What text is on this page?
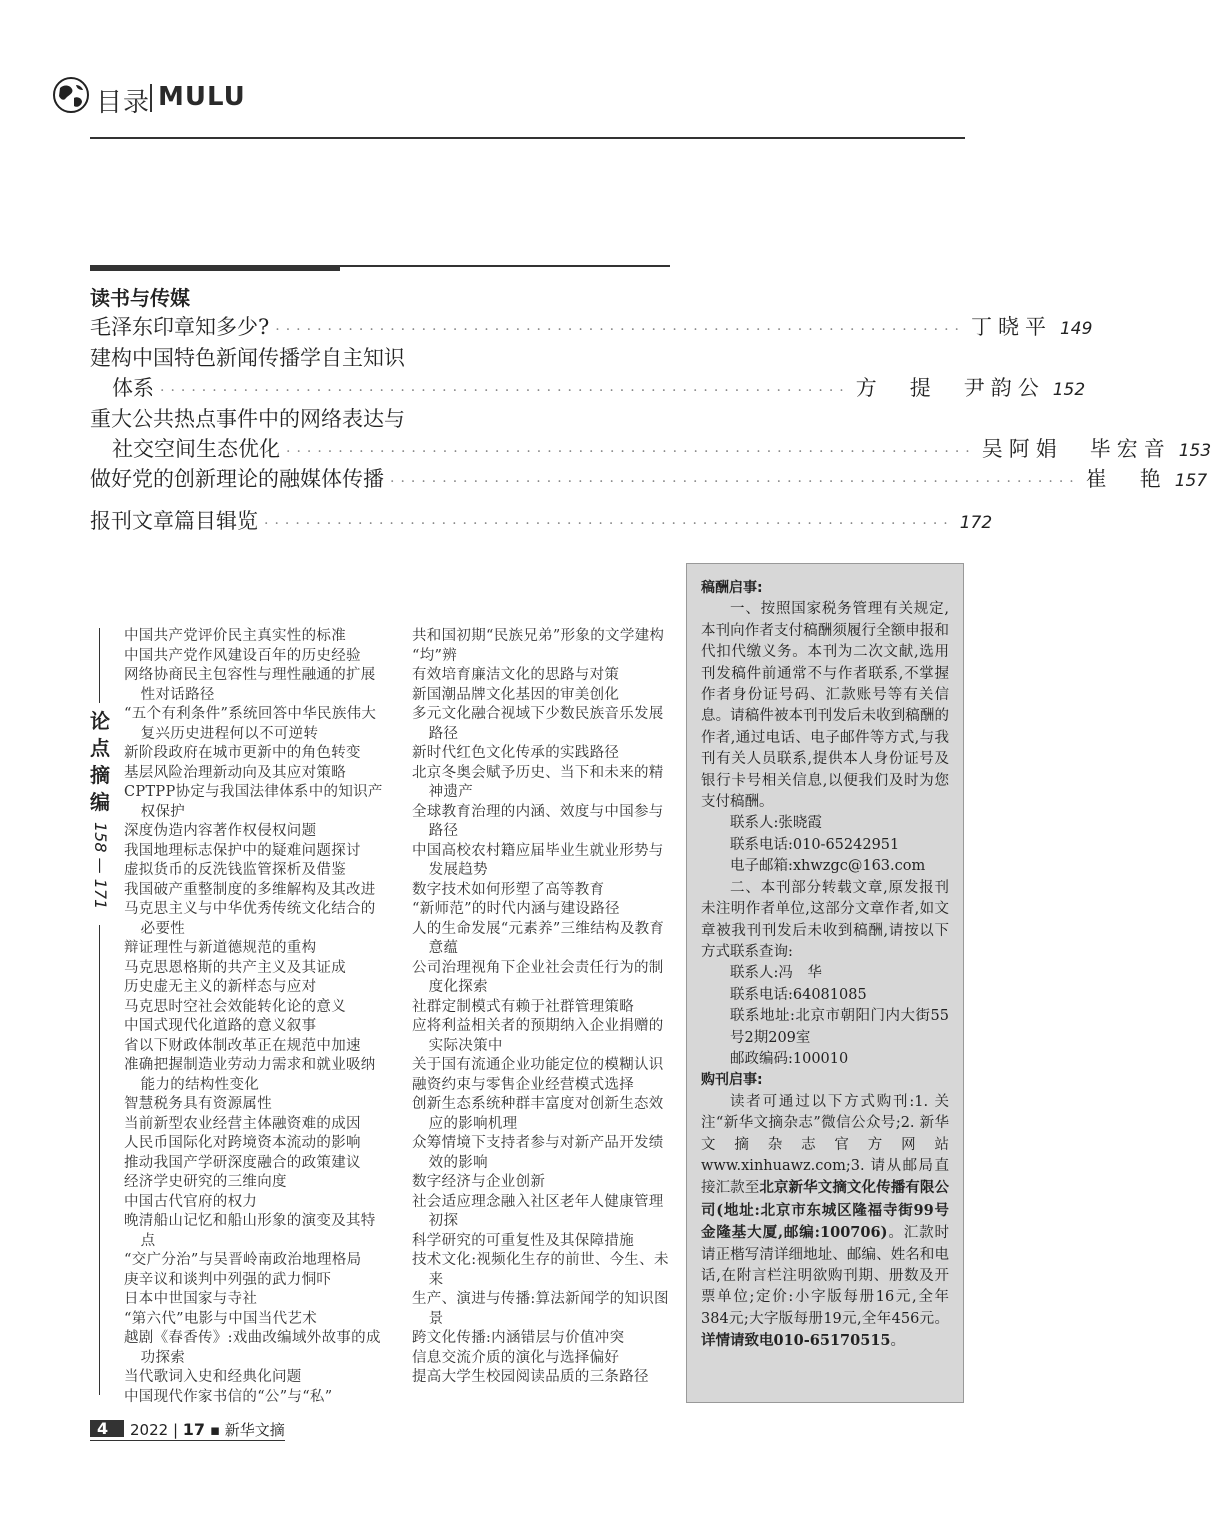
目录 MULU
读书与传媒
毛泽东印章知多少? ·································································· 丁晓平 149
建构中国特色新闻传播学自主知识
体系 ·································································· 方　提　尹韵公 152
重大公共热点事件中的网络表达与
社交空间生态优化 ·································································· 吴阿娟　毕宏音 153
做好党的创新理论的融媒体传播 ·································································· 崔　艳 157
报刊文章篇目辑览 ·································································· 172
论点摘编
158 — 171

中国共产党评价民主真实性的标准

中国共产党作风建设百年的历史经验

网络协商民主包容性与理性融通的扩展性对话路径

“五个有利条件”系统回答中华民族伟大复兴历史进程何以不可逆转

新阶段政府在城市更新中的角色转变

基层风险治理新动向及其应对策略

CPTPP协定与我国法律体系中的知识产权保护

深度伪造内容著作权侵权问题

我国地理标志保护中的疑难问题探讨

虚拟货币的反洗钱监管探析及借鉴

我国破产重整制度的多维解构及其改进

马克思主义与中华优秀传统文化结合的必要性

辩证理性与新道德规范的重构

马克思恩格斯的共产主义及其证成

历史虚无主义的新样态与应对

马克思时空社会效能转化论的意义

中国式现代化道路的意义叙事

省以下财政体制改革正在规范中加速

准确把握制造业劳动力需求和就业吸纳能力的结构性变化

智慧税务具有资源属性

当前新型农业经营主体融资难的成因

人民币国际化对跨境资本流动的影响

推动我国产学研深度融合的政策建议

经济学史研究的三维向度

中国古代官府的权力

晚清船山记忆和船山形象的演变及其特点

“交广分治”与吴晋岭南政治地理格局

庚辛议和谈判中列强的武力恫吓

日本中世国家与寺社

“第六代”电影与中国当代艺术

越剧《春香传》:戏曲改编域外故事的成功探索

当代歌词入史和经典化问题

中国现代作家书信的“公”与“私”

共和国初期“民族兄弟”形象的文学建构

“均”辨

有效培育廉洁文化的思路与对策

新国潮品牌文化基因的审美创化

多元文化融合视域下少数民族音乐发展路径

新时代红色文化传承的实践路径

北京冬奥会赋予历史、当下和未来的精神遗产

全球教育治理的内涵、效度与中国参与路径

中国高校农村籍应届毕业生就业形势与发展趋势

数字技术如何形塑了高等教育

“新师范”的时代内涵与建设路径

人的生命发展“元素养”三维结构及教育意蕴

公司治理视角下企业社会责任行为的制度化探索

社群定制模式有赖于社群管理策略

应将利益相关者的预期纳入企业捐赠的实际决策中

关于国有流通企业功能定位的模糊认识

融资约束与零售企业经营模式选择

创新生态系统种群丰富度对创新生态效应的影响机理

众筹情境下支持者参与对新产品开发绩效的影响

数字经济与企业创新

社会适应理念融入社区老年人健康管理初探

科学研究的可重复性及其保障措施

技术文化:视频化生存的前世、今生、未来

生产、演进与传播:算法新闻学的知识图景

跨文化传播:内涵错层与价值冲突

信息交流介质的演化与选择偏好

提高大学生校园阅读品质的三条路径

稿酬启事:

一、按照国家税务管理有关规定,本刊向作者支付稿酬须履行全额申报和代扣代缴义务。本刊为二次文献,选用刊发稿件前通常不与作者联系,不掌握作者身份证号码、汇款账号等有关信息。请稿件被本刊刊发后未收到稿酬的作者,通过电话、电子邮件等方式,与我刊有关人员联系,提供本人身份证号及银行卡号相关信息,以便我们及时为您支付稿酬。

联系人:张晓霞

联系电话:010-65242951

电子邮箱:xhwzgc@163.com

二、本刊部分转载文章,原发报刊未注明作者单位,这部分文章作者,如文章被我刊刊发后未收到稿酬,请按以下方式联系查询:

联系人:冯　华

联系电话:64081085

联系地址:北京市朝阳门内大街55号2期209室

邮政编码:100010

购刊启事:

读者可通过以下方式购刊:1. 关注“新华文摘杂志”微信公众号;2. 新华文摘杂志官方网站 www.xinhuawz.com;3. 请从邮局直接汇款至北京新华文摘文化传播有限公司(地址:北京市东城区隆福寺街99号金隆基大厦,邮编:100706)。汇款时请正楷写清详细地址、邮编、姓名和电话,在附言栏注明欲购刊期、册数及开票单位;定价:小字版每册16元,全年384元;大字版每册19元,全年456元。详情请致电010-65170515。

4 2022 | 17 ▪ 新华文摘
